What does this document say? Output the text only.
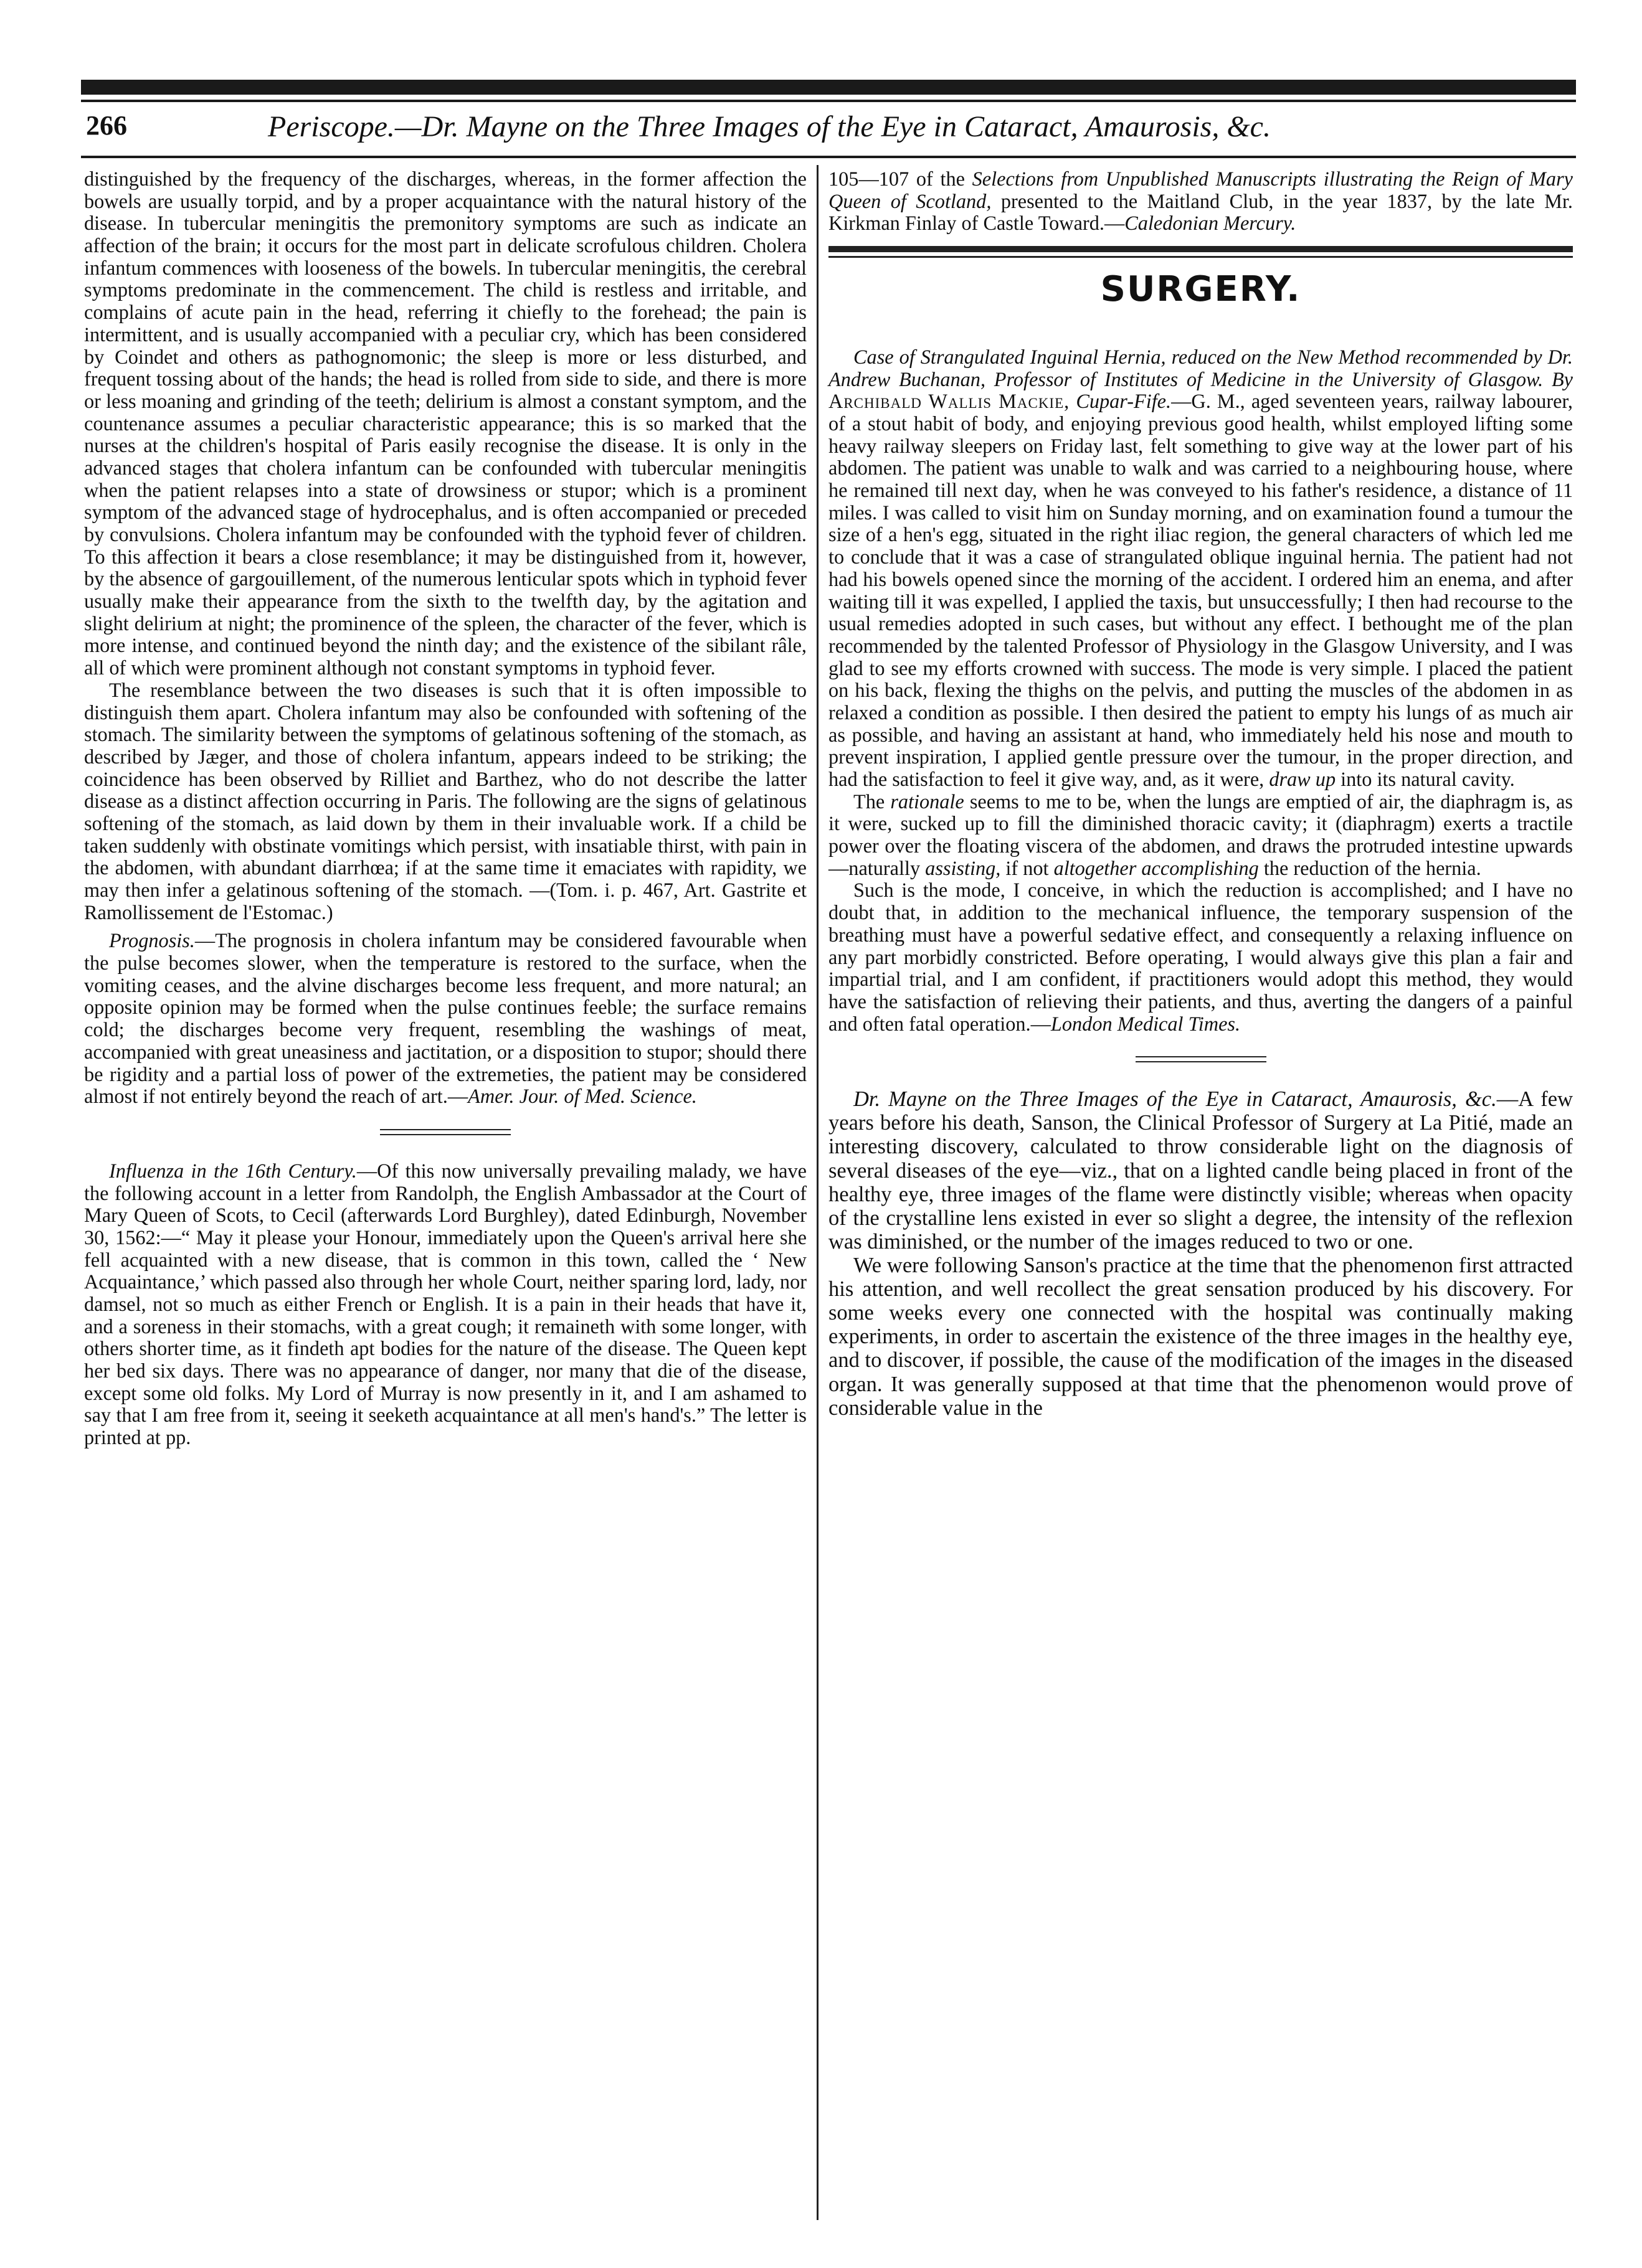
266	Periscope.—Dr. Mayne on the Three Images of the Eye in Cataract, Amaurosis, &c.

distinguished by the frequency of the discharges, whereas, in the former affection the bowels are usually torpid, and by a proper acquaintance with the natural history of the disease. In tubercular meningitis the premonitory symptoms are such as indicate an affection of the brain; it occurs for the most part in delicate scrofulous children. Cholera infantum commences with looseness of the bowels. In tubercular meningitis, the cerebral symptoms predominate in the commencement. The child is restless and irritable, and complains of acute pain in the head, referring it chiefly to the forehead; the pain is intermittent, and is usually accompanied with a peculiar cry, which has been considered by Coindet and others as pathognomonic; the sleep is more or less disturbed, and frequent tossing about of the hands; the head is rolled from side to side, and there is more or less moaning and grinding of the teeth; delirium is almost a constant symptom, and the countenance assumes a peculiar characteristic appearance; this is so marked that the nurses at the children's hospital of Paris easily recognise the disease. It is only in the advanced stages that cholera infantum can be confounded with tubercular meningitis when the patient relapses into a state of drowsiness or stupor; which is a prominent symptom of the advanced stage of hydrocephalus, and is often accompanied or preceded by convulsions. Cholera infantum may be confounded with the typhoid fever of children. To this affection it bears a close resemblance; it may be distinguished from it, however, by the absence of gargouillement, of the numerous lenticular spots which in typhoid fever usually make their appearance from the sixth to the twelfth day, by the agitation and slight delirium at night; the prominence of the spleen, the character of the fever, which is more intense, and continued beyond the ninth day; and the existence of the sibilant râle, all of which were prominent although not constant symptoms in typhoid fever.

The resemblance between the two diseases is such that it is often impossible to distinguish them apart. Cholera infantum may also be confounded with softening of the stomach. The similarity between the symptoms of gelatinous softening of the stomach, as described by Jæger, and those of cholera infantum, appears indeed to be striking; the coincidence has been observed by Rilliet and Barthez, who do not describe the latter disease as a distinct affection occurring in Paris. The following are the signs of gelatinous softening of the stomach, as laid down by them in their invaluable work. If a child be taken suddenly with obstinate vomitings which persist, with insatiable thirst, with pain in the abdomen, with abundant diarrhœa; if at the same time it emaciates with rapidity, we may then infer a gelatinous softening of the stomach. —(Tom. i. p. 467, Art. Gastrite et Ramollissement de l'Estomac.)

Prognosis.—The prognosis in cholera infantum may be considered favourable when the pulse becomes slower, when the temperature is restored to the surface, when the vomiting ceases, and the alvine discharges become less frequent, and more natural; an opposite opinion may be formed when the pulse continues feeble; the surface remains cold; the discharges become very frequent, resembling the washings of meat, accompanied with great uneasiness and jactitation, or a disposition to stupor; should there be rigidity and a partial loss of power of the extremeties, the patient may be considered almost if not entirely beyond the reach of art.—Amer. Jour. of Med. Science.

Influenza in the 16th Century.—Of this now universally prevailing malady, we have the following account in a letter from Randolph, the English Ambassador at the Court of Mary Queen of Scots, to Cecil (afterwards Lord Burghley), dated Edinburgh, November 30, 1562:—“ May it please your Honour, immediately upon the Queen's arrival here she fell acquainted with a new disease, that is common in this town, called the ‘ New Acquaintance,’ which passed also through her whole Court, neither sparing lord, lady, nor damsel, not so much as either French or English. It is a pain in their heads that have it, and a soreness in their stomachs, with a great cough; it remaineth with some longer, with others shorter time, as it findeth apt bodies for the nature of the disease. The Queen kept her bed six days. There was no appearance of danger, nor many that die of the disease, except some old folks. My Lord of Murray is now presently in it, and I am ashamed to say that I am free from it, seeing it seeketh acquaintance at all men's hand's.” The letter is printed at pp.

105—107 of the Selections from Unpublished Manuscripts illustrating the Reign of Mary Queen of Scotland, presented to the Maitland Club, in the year 1837, by the late Mr. Kirkman Finlay of Castle Toward.—Caledonian Mercury.

SURGERY.

Case of Strangulated Inguinal Hernia, reduced on the New Method recommended by Dr. Andrew Buchanan, Professor of Institutes of Medicine in the University of Glasgow. By Archibald Wallis Mackie, Cupar-Fife.—G. M., aged seventeen years, railway labourer, of a stout habit of body, and enjoying previous good health, whilst employed lifting some heavy railway sleepers on Friday last, felt something to give way at the lower part of his abdomen. The patient was unable to walk and was carried to a neighbouring house, where he remained till next day, when he was conveyed to his father's residence, a distance of 11 miles. I was called to visit him on Sunday morning, and on examination found a tumour the size of a hen's egg, situated in the right iliac region, the general characters of which led me to conclude that it was a case of strangulated oblique inguinal hernia. The patient had not had his bowels opened since the morning of the accident. I ordered him an enema, and after waiting till it was expelled, I applied the taxis, but unsuccessfully; I then had recourse to the usual remedies adopted in such cases, but without any effect. I bethought me of the plan recommended by the talented Professor of Physiology in the Glasgow University, and I was glad to see my efforts crowned with success. The mode is very simple. I placed the patient on his back, flexing the thighs on the pelvis, and putting the muscles of the abdomen in as relaxed a condition as possible. I then desired the patient to empty his lungs of as much air as possible, and having an assistant at hand, who immediately held his nose and mouth to prevent inspiration, I applied gentle pressure over the tumour, in the proper direction, and had the satisfaction to feel it give way, and, as it were, draw up into its natural cavity.

The rationale seems to me to be, when the lungs are emptied of air, the diaphragm is, as it were, sucked up to fill the diminished thoracic cavity; it (diaphragm) exerts a tractile power over the floating viscera of the abdomen, and draws the protruded intestine upwards—naturally assisting, if not altogether accomplishing the reduction of the hernia.

Such is the mode, I conceive, in which the reduction is accomplished; and I have no doubt that, in addition to the mechanical influence, the temporary suspension of the breathing must have a powerful sedative effect, and consequently a relaxing influence on any part morbidly constricted. Before operating, I would always give this plan a fair and impartial trial, and I am confident, if practitioners would adopt this method, they would have the satisfaction of relieving their patients, and thus, averting the dangers of a painful and often fatal operation.—London Medical Times.

Dr. Mayne on the Three Images of the Eye in Cataract, Amaurosis, &c.—A few years before his death, Sanson, the Clinical Professor of Surgery at La Pitié, made an interesting discovery, calculated to throw considerable light on the diagnosis of several diseases of the eye—viz., that on a lighted candle being placed in front of the healthy eye, three images of the flame were distinctly visible; whereas when opacity of the crystalline lens existed in ever so slight a degree, the intensity of the reflexion was diminished, or the number of the images reduced to two or one.

We were following Sanson's practice at the time that the phenomenon first attracted his attention, and well recollect the great sensation produced by his discovery. For some weeks every one connected with the hospital was continually making experiments, in order to ascertain the existence of the three images in the healthy eye, and to discover, if possible, the cause of the modification of the images in the diseased organ. It was generally supposed at that time that the phenomenon would prove of considerable value in the
